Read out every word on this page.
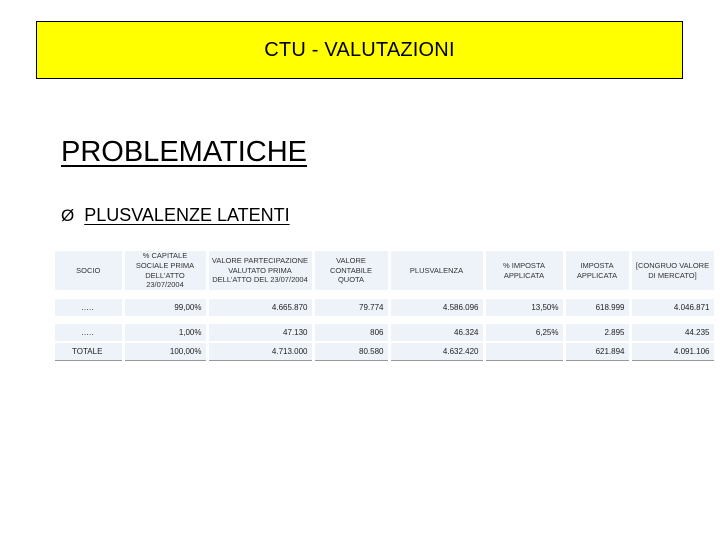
CTU - VALUTAZIONI
PROBLEMATICHE
Ø PLUSVALENZE LATENTI
SOCIO	% CAPITALE SOCIALE PRIMA DELL'ATTO 23/07/2004	VALORE PARTECIPAZIONE VALUTATO PRIMA DELL'ATTO DEL 23/07/2004	VALORE CONTABILE QUOTA	PLUSVALENZA	% IMPOSTA APPLICATA	IMPOSTA APPLICATA	[CONGRUO VALORE DI MERCATO]

…..	99,00%	4.665.870	79.774	4.586.096	13,50%	618.999	4.046.871

…..	1,00%	47.130	806	46.324	6,25%	2.895	44.235
TOTALE	100,00%	4.713.000	80.580	4.632.420		621.894	4.091.106
